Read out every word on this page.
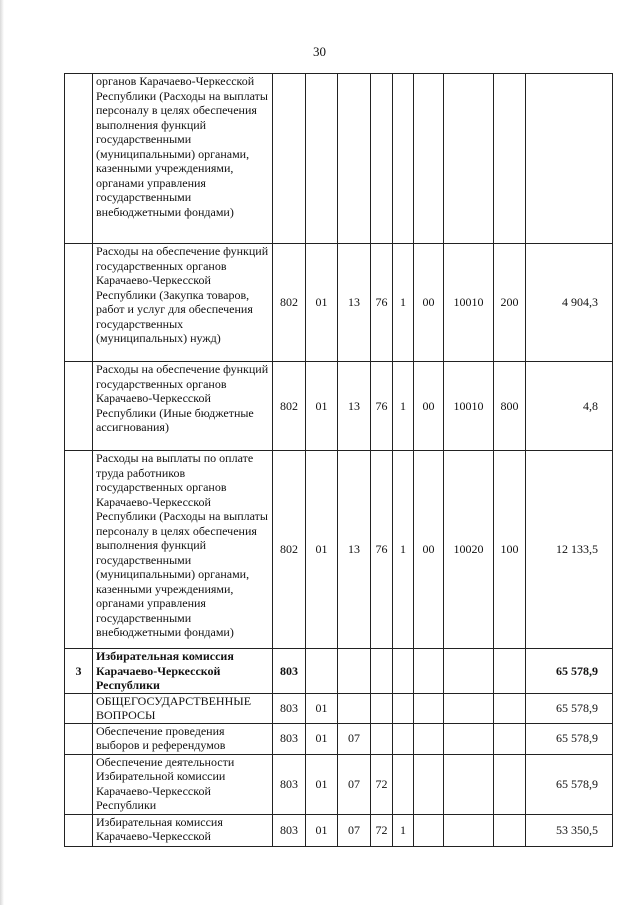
30
	органов Карачаево-Черкесской Республики (Расходы на выплаты персоналу в целях обеспечения выполнения функций государственными (муниципальными) органами, казенными учреждениями, органами управления государственными внебюджетными фондами)									
	Расходы на обеспечение функций государственных органов Карачаево-Черкесской Республики (Закупка товаров, работ и услуг для обеспечения государственных (муниципальных) нужд)	802	01	13	76	1	00	10010	200	4 904,3
	Расходы на обеспечение функций государственных органов Карачаево-Черкесской Республики (Иные бюджетные ассигнования)	802	01	13	76	1	00	10010	800	4,8
	Расходы на выплаты по оплате труда работников государственных органов Карачаево-Черкесской Республики (Расходы на выплаты персоналу в целях обеспечения выполнения функций государственными (муниципальными) органами, казенными учреждениями, органами управления государственными внебюджетными фондами)	802	01	13	76	1	00	10020	100	12 133,5
3	Избирательная комиссия Карачаево-Черкесской Республики	803								65 578,9
	ОБЩЕГОСУДАРСТВЕННЫЕ ВОПРОСЫ	803	01							65 578,9
	Обеспечение проведения выборов и референдумов	803	01	07						65 578,9
	Обеспечение деятельности Избирательной комиссии Карачаево-Черкесской Республики	803	01	07	72					65 578,9
	Избирательная комиссия Карачаево-Черкесской	803	01	07	72	1				53 350,5
